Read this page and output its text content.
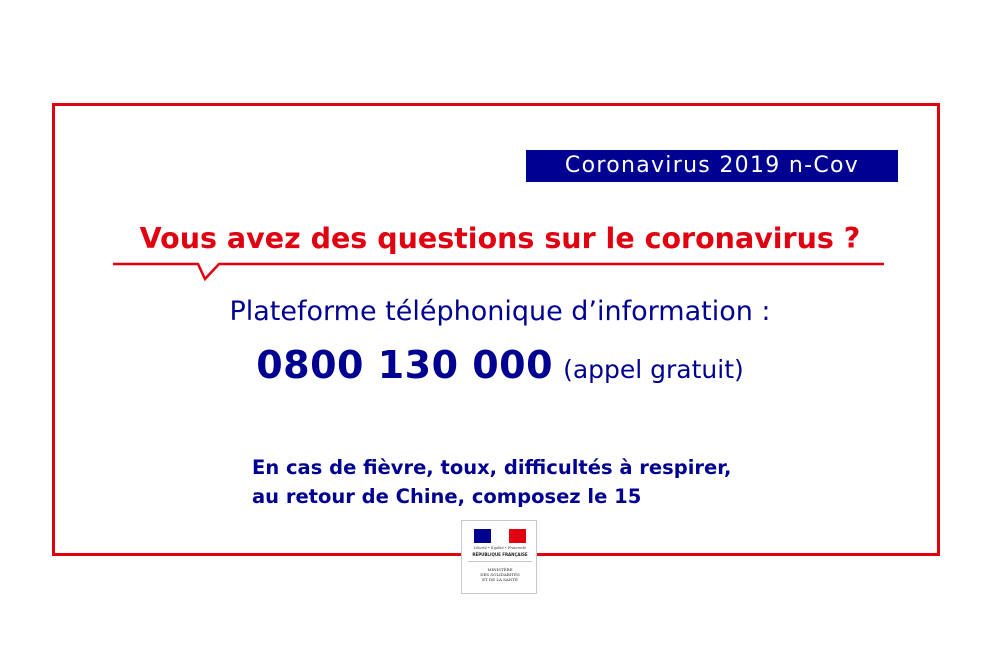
Coronavirus 2019 n-Cov
Vous avez des questions sur le coronavirus ?
Plateforme téléphonique d’information :
0800 130 000 (appel gratuit)
En cas de fièvre, toux, difficultés à respirer,
au retour de Chine, composez le 15
Liberté • Égalité • Fraternité
RÉPUBLIQUE FRANÇAISE
MINISTÈRE
DES SOLIDARITÉS
ET DE LA SANTÉ
